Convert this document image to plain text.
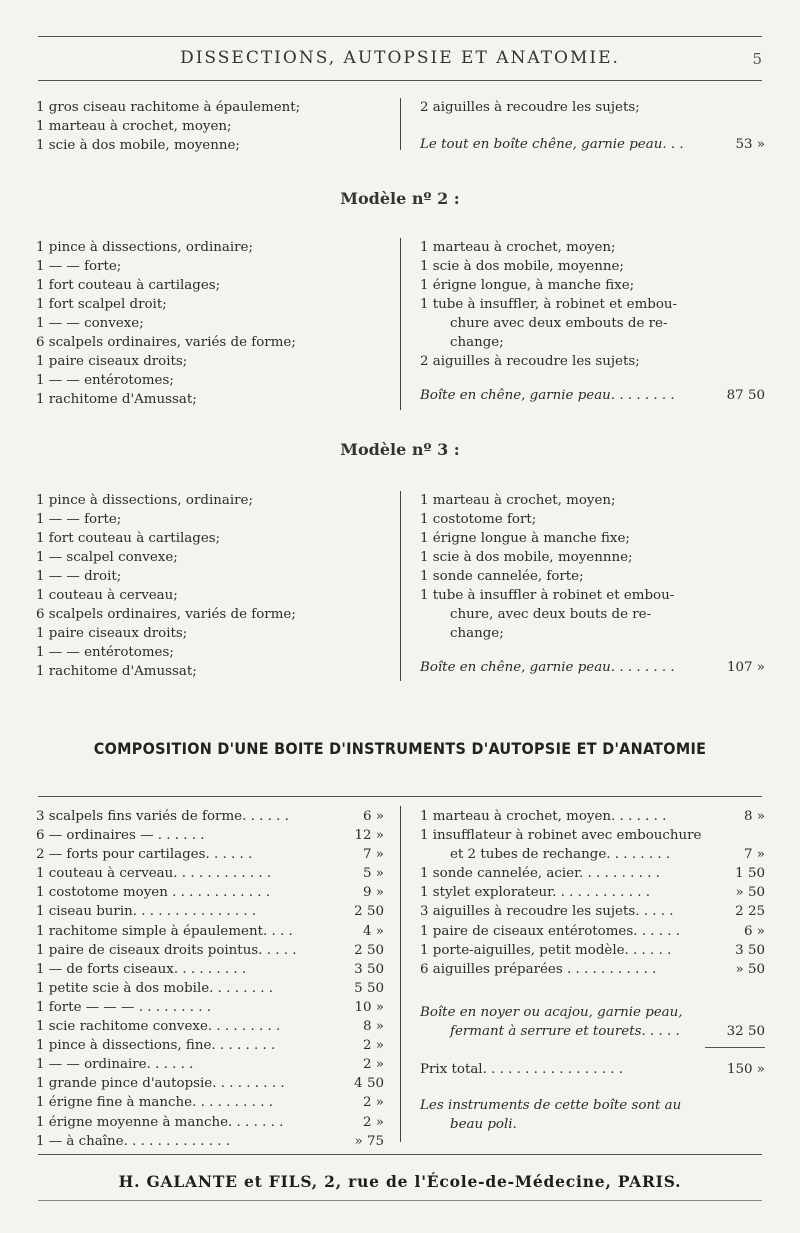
DISSECTIONS, AUTOPSIE ET ANATOMIE.	5
1 gros ciseau rachitome à épaulement;
1 marteau à crochet, moyen;
1 scie à dos mobile, moyenne;
2 aiguilles à recoudre les sujets;
Le tout en boîte chêne, garnie peau. . .	53 »
Modèle nº 2 :
1 pince à dissections, ordinaire;
1 — — forte;
1 fort couteau à cartilages;
1 fort scalpel droit;
1 — — convexe;
6 scalpels ordinaires, variés de forme;
1 paire ciseaux droits;
1 — — entérotomes;
1 rachitome d'Amussat;
1 marteau à crochet, moyen;
1 scie à dos mobile, moyenne;
1 érigne longue, à manche fixe;
1 tube à insuffler, à robinet et embou-
chure avec deux embouts de re-
change;
2 aiguilles à recoudre les sujets;
Boîte en chêne, garnie peau. . . . . . . .	87 50
Modèle nº 3 :
1 pince à dissections, ordinaire;
1 — — forte;
1 fort couteau à cartilages;
1 — scalpel convexe;
1 — — droit;
1 couteau à cerveau;
6 scalpels ordinaires, variés de forme;
1 paire ciseaux droits;
1 — — entérotomes;
1 rachitome d'Amussat;
1 marteau à crochet, moyen;
1 costotome fort;
1 érigne longue à manche fixe;
1 scie à dos mobile, moyennne;
1 sonde cannelée, forte;
1 tube à insuffler à robinet et embou-
chure, avec deux bouts de re-
change;
Boîte en chêne, garnie peau. . . . . . . .	107 »
COMPOSITION D'UNE BOITE D'INSTRUMENTS D'AUTOPSIE ET D'ANATOMIE
3 scalpels fins variés de forme. . . . . .	6 »
6 — ordinaires — . . . . . .	12 »
2 — forts pour cartilages. . . . . .	7 »
1 couteau à cerveau. . . . . . . . . . . .	5 »
1 costotome moyen . . . . . . . . . . . .	9 »
1 ciseau burin. . . . . . . . . . . . . . .	2 50
1 rachitome simple à épaulement. . . .	4 »
1 paire de ciseaux droits pointus. . . . .	2 50
1 — de forts ciseaux. . . . . . . . .	3 50
1 petite scie à dos mobile. . . . . . . .	5 50
1 forte — — — . . . . . . . . .	10 »
1 scie rachitome convexe. . . . . . . . .	8 »
1 pince à dissections, fine. . . . . . . .	2 »
1 — — ordinaire. . . . . .	2 »
1 grande pince d'autopsie. . . . . . . . .	4 50
1 érigne fine à manche. . . . . . . . . .	2 »
1 érigne moyenne à manche. . . . . . .	2 »
1 — à chaîne. . . . . . . . . . . . .	» 75
1 marteau à crochet, moyen. . . . . . .	8 »
1 insufflateur à robinet avec embouchure
et 2 tubes de rechange. . . . . . . .	7 »
1 sonde cannelée, acier. . . . . . . . . .	1 50
1 stylet explorateur. . . . . . . . . . . .	» 50
3 aiguilles à recoudre les sujets. . . . .	2 25
1 paire de ciseaux entérotomes. . . . . .	6 »
1 porte-aiguilles, petit modèle. . . . . .	3 50
6 aiguilles préparées . . . . . . . . . . .	» 50
Boîte en noyer ou acajou, garnie peau,
fermant à serrure et tourets. . . . .	32 50
Prix total. . . . . . . . . . . . . . . . .	150 »
Les instruments de cette boîte sont au
beau poli.
H. GALANTE et FILS, 2, rue de l'École-de-Médecine, PARIS.
